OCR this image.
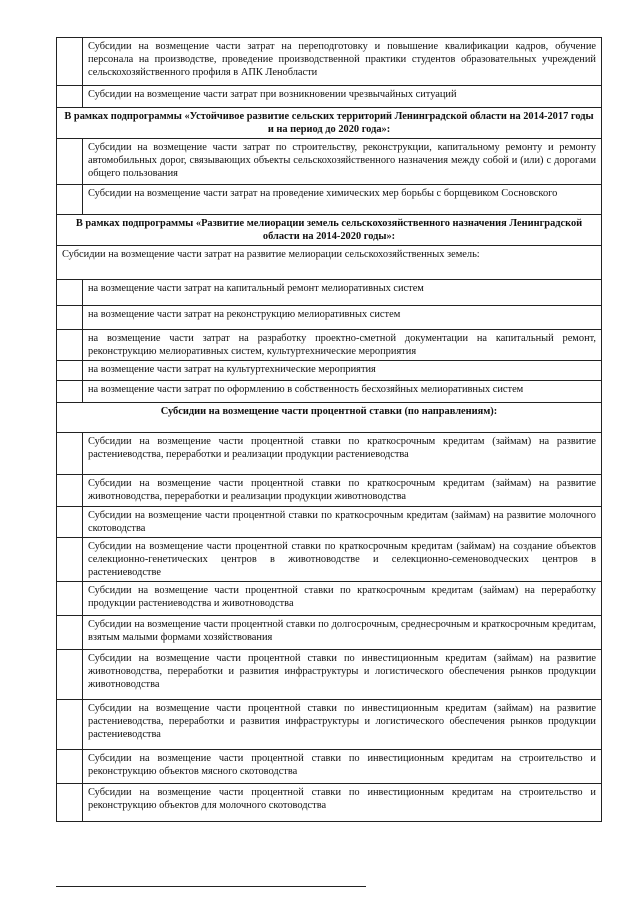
	Субсидии на возмещение части затрат на переподготовку и повышение квалификации кадров, обучение персонала на производстве, проведение производственной практики студентов образовательных учреждений сельскохозяйственного профиля в АПК Ленобласти
	Субсидии на возмещение части затрат при возникновении чрезвычайных ситуаций
В рамках подпрограммы «Устойчивое развитие сельских территорий Ленинградской области на 2014-2017 годы и на период до 2020 года»:	
	Субсидии на возмещение части затрат по строительству, реконструкции, капитальному ремонту и ремонту автомобильных дорог, связывающих объекты сельскохозяйственного назначения между собой и (или) с дорогами общего пользования
	Субсидии на возмещение части затрат на проведение химических мер борьбы с борщевиком Сосновского
В рамках подпрограммы «Развитие мелиорации земель сельскохозяйственного назначения Ленинградской области на 2014-2020 годы»:	
Субсидии на возмещение части затрат на развитие мелиорации сельскохозяйственных земель:	
	на возмещение части затрат на капитальный ремонт мелиоративных систем
	на возмещение части затрат на реконструкцию мелиоративных систем
	на возмещение части затрат на разработку проектно-сметной документации на капитальный ремонт, реконструкцию мелиоративных систем, культуртехнические мероприятия
	на возмещение части затрат на культуртехнические мероприятия
	на возмещение части затрат по оформлению в собственность бесхозяйных мелиоративных систем
Субсидии на возмещение части процентной ставки (по направлениям):	
	Субсидии на возмещение части процентной ставки по краткосрочным кредитам (займам) на развитие растениеводства, переработки и реализации продукции растениеводства
	Субсидии на возмещение части процентной ставки по краткосрочным кредитам (займам) на развитие животноводства, переработки и реализации продукции животноводства
	Субсидии на возмещение части процентной ставки по краткосрочным кредитам (займам) на развитие молочного скотоводства
	Субсидии на возмещение части процентной ставки по краткосрочным кредитам (займам) на создание объектов селекционно-генетических центров в животноводстве и селекционно-семеноводческих центров в растениеводстве
	Субсидии на возмещение части процентной ставки по краткосрочным кредитам (займам) на переработку продукции растениеводства и животноводства
	Субсидии на возмещение части процентной ставки по долгосрочным, среднесрочным и краткосрочным кредитам, взятым малыми формами хозяйствования
	Субсидии на возмещение части процентной ставки по инвестиционным кредитам (займам) на развитие животноводства, переработки и развития инфраструктуры и логистического обеспечения рынков продукции животноводства
	Субсидии на возмещение части процентной ставки по инвестиционным кредитам (займам) на развитие растениеводства, переработки и развития инфраструктуры и логистического обеспечения рынков продукции растениеводства
	Субсидии на возмещение части процентной ставки по инвестиционным кредитам на строительство и реконструкцию объектов мясного скотоводства
	Субсидии на возмещение части процентной ставки по инвестиционным кредитам на строительство и реконструкцию объектов для молочного скотоводства
